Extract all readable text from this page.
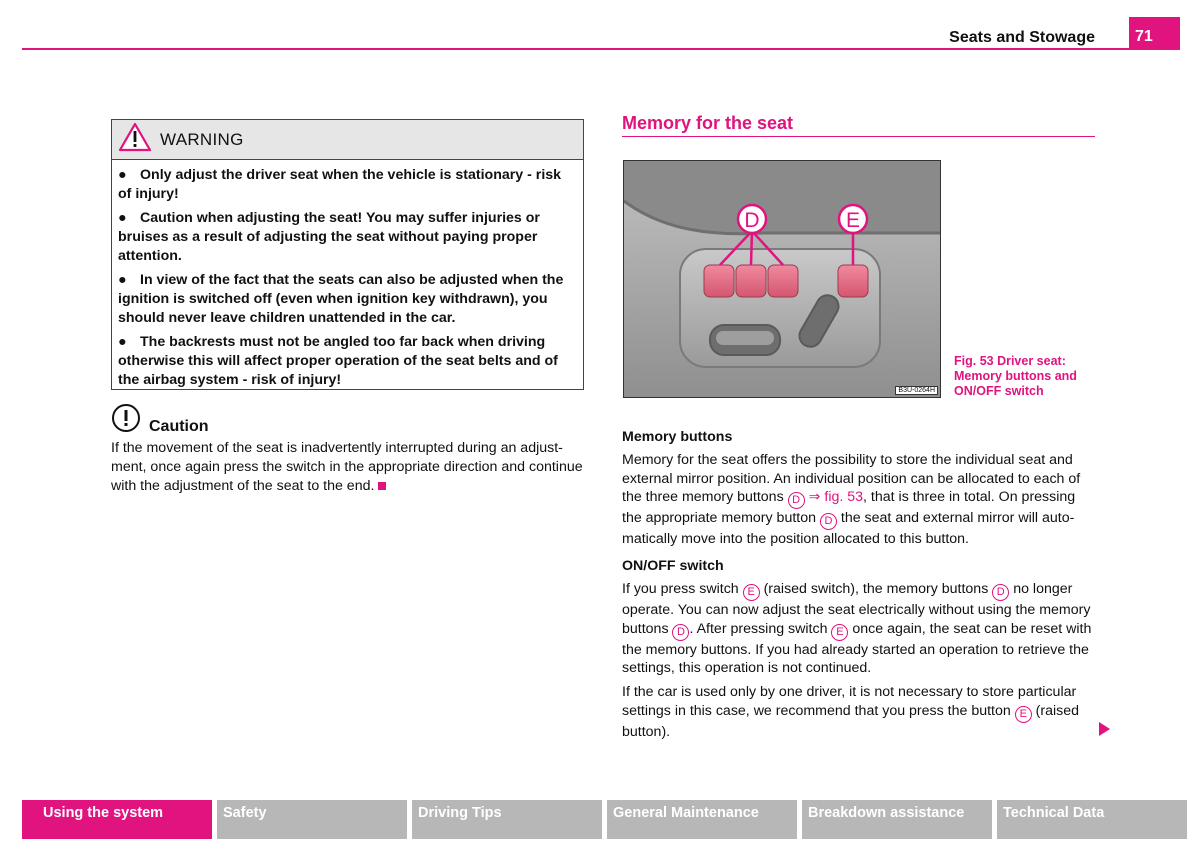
Seats and Stowage	71
WARNING
● Only adjust the driver seat when the vehicle is stationary - risk of injury!
● Caution when adjusting the seat! You may suffer injuries or bruises as a result of adjusting the seat without paying proper attention.
● In view of the fact that the seats can also be adjusted when the ignition is switched off (even when ignition key withdrawn), you should never leave children unattended in the car.
● The backrests must not be angled too far back when driving otherwise this will affect proper operation of the seat belts and of the airbag system - risk of injury!
Caution
If the movement of the seat is inadvertently interrupted during an adjust-ment, once again press the switch in the appropriate direction and continue with the adjustment of the seat to the end.
Memory for the seat
D	E
B3U-0264H
Fig. 53 Driver seat: Memory buttons and ON/OFF switch
Memory buttons
Memory for the seat offers the possibility to store the individual seat and external mirror position. An individual position can be allocated to each of the three memory buttons D ⇒ fig. 53, that is three in total. On pressing the appropriate memory button D the seat and external mirror will auto-matically move into the position allocated to this button.
ON/OFF switch
If you press switch E (raised switch), the memory buttons D no longer operate. You can now adjust the seat electrically without using the memory buttons D . After pressing switch E once again, the seat can be reset with the memory buttons. If you had already started an operation to retrieve the settings, this operation is not continued.
If the car is used only by one driver, it is not necessary to store particular settings in this case, we recommend that you press the button E (raised button).
Using the system	Safety	Driving Tips	General Maintenance	Breakdown assistance	Technical Data
